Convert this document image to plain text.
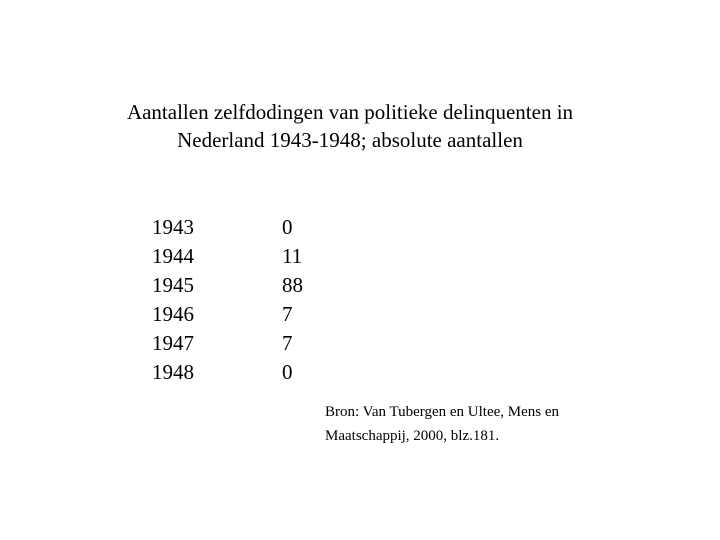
Aantallen zelfdodingen van politieke delinquenten in
Nederland 1943-1948; absolute aantallen
1943	0
1944	11
1945	88
1946	7
1947	7
1948	0
Bron: Van Tubergen en Ultee, Mens en
Maatschappij, 2000, blz.181.
